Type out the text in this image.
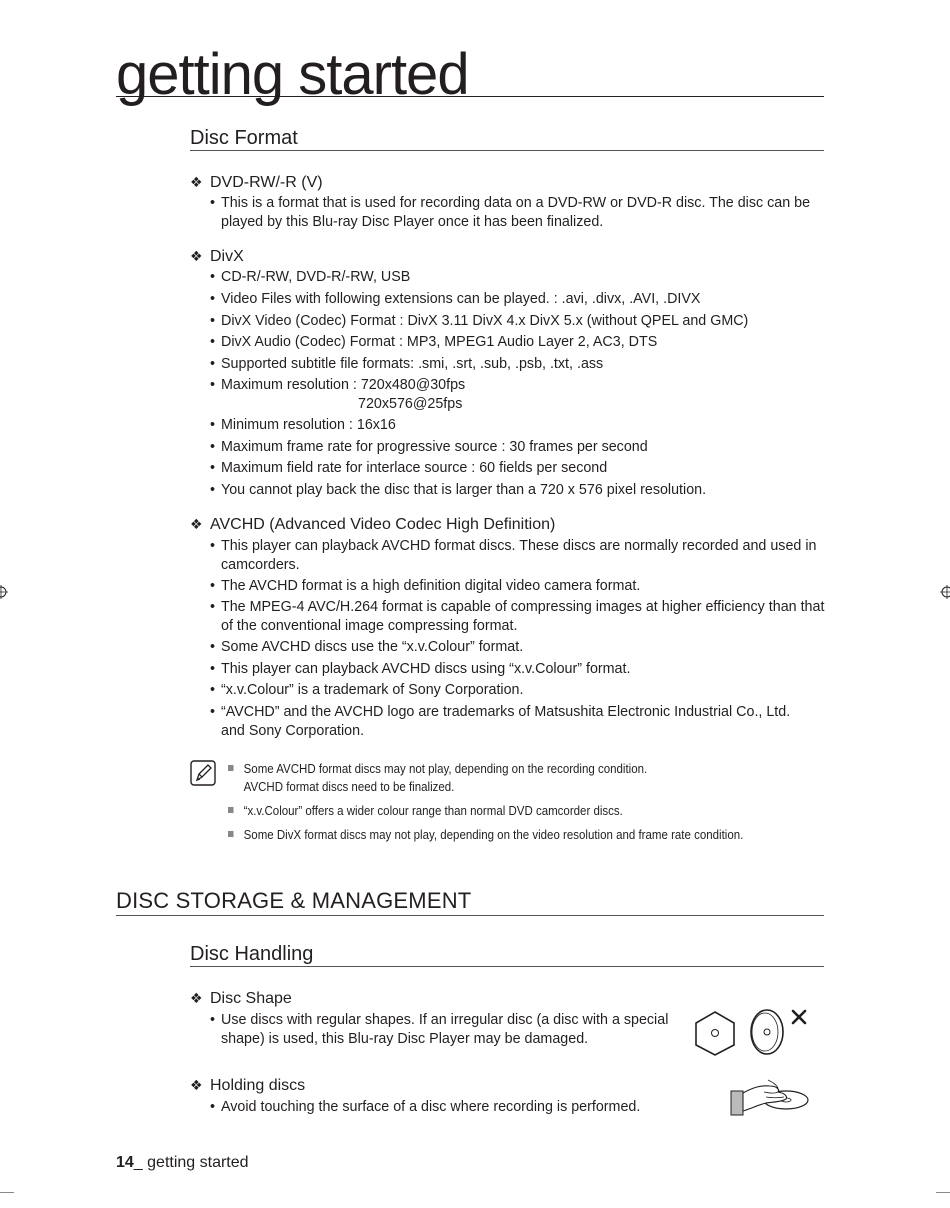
getting started
Disc Format
❖ DVD-RW/-R (V)
• This is a format that is used for recording data on a DVD-RW or DVD-R disc. The disc can be
played by this Blu-ray Disc Player once it has been finalized.
❖ DivX
• CD-R/-RW, DVD-R/-RW, USB
• Video Files with following extensions can be played. : .avi, .divx, .AVI, .DIVX
• DivX Video (Codec) Format : DivX 3.11 DivX 4.x DivX 5.x (without QPEL and GMC)
• DivX Audio (Codec) Format : MP3, MPEG1 Audio Layer 2, AC3, DTS
• Supported subtitle file formats: .smi, .srt, .sub, .psb, .txt, .ass
• Maximum resolution : 720x480@30fps
720x576@25fps
• Minimum resolution : 16x16
• Maximum frame rate for progressive source : 30 frames per second
• Maximum field rate for interlace source : 60 fields per second
• You cannot play back the disc that is larger than a 720 x 576 pixel resolution.
❖ AVCHD (Advanced Video Codec High Definition)
• This player can playback AVCHD format discs. These discs are normally recorded and used in
camcorders.
• The AVCHD format is a high definition digital video camera format.
• The MPEG-4 AVC/H.264 format is capable of compressing images at higher efficiency than that
of the conventional image compressing format.
• Some AVCHD discs use the “x.v.Colour” format.
• This player can playback AVCHD discs using “x.v.Colour” format.
• “x.v.Colour” is a trademark of Sony Corporation.
• “AVCHD” and the AVCHD logo are trademarks of Matsushita Electronic Industrial Co., Ltd.
and Sony Corporation.
Some AVCHD format discs may not play, depending on the recording condition.
AVCHD format discs need to be finalized.
“x.v.Colour” offers a wider colour range than normal DVD camcorder discs.
Some DivX format discs may not play, depending on the video resolution and frame rate condition.
DISC STORAGE & MANAGEMENT
Disc Handling
❖ Disc Shape
• Use discs with regular shapes. If an irregular disc (a disc with a special
shape) is used, this Blu-ray Disc Player may be damaged.
❖ Holding discs
• Avoid touching the surface of a disc where recording is performed.
14_ getting started
